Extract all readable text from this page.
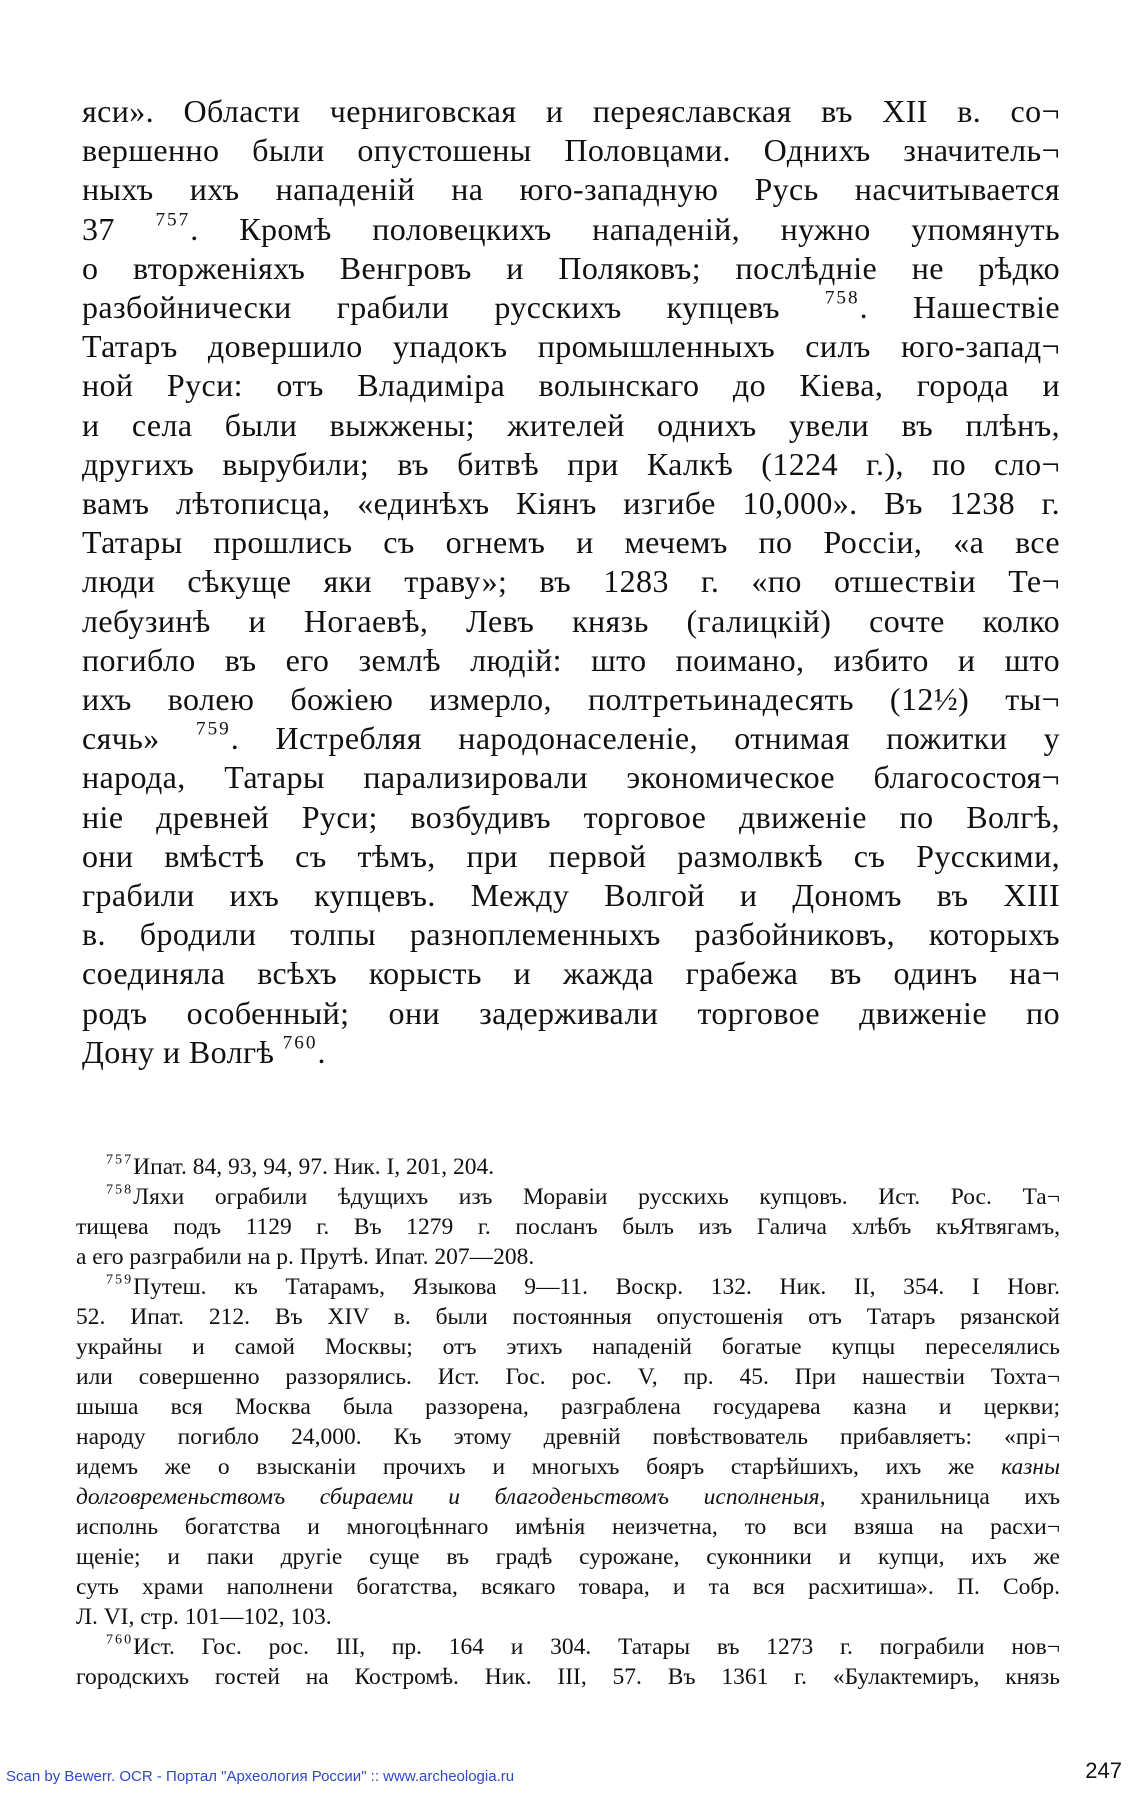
яси». Области черниговская и переяславская въ XII в. со¬
вершенно были опустошены Половцами. Однихъ значитель¬
ныхъ ихъ нападеній на юго-западную Русь насчитывается
37 $^{757}$. Кромѣ половецкихъ нападеній, нужно упомянуть
о вторженіяхъ Венгровъ и Поляковъ; послѣдніе не рѣдко
разбойнически грабили русскихъ купцевъ $^{758}$. Нашествіе
Татаръ довершило упадокъ промышленныхъ силъ юго-запад¬
ной Руси: отъ Владиміра волынскаго до Кіева, города и
и села были выжжены; жителей однихъ увели въ плѣнъ,
другихъ вырубили; въ битвѣ при Калкѣ (1224 г.), по сло¬
вамъ лѣтописца, «единѣхъ Кіянъ изгибе 10,000». Въ 1238 г.
Татары прошлись съ огнемъ и мечемъ по Россіи, «а все
люди сѣкуще яки траву»; въ 1283 г. «по отшествіи Те¬
лебузинѣ и Ногаевѣ, Левъ князь (галицкій) сочте колко
погибло въ его землѣ людій: што поимано, избито и што
ихъ волею божіею измерло, полтретьинадесять (12½) ты¬
сячь» $^{759}$. Истребляя народонаселеніе, отнимая пожитки у
народа, Татары парализировали экономическое благосостоя¬
ніе древней Руси; возбудивъ торговое движеніе по Волгѣ,
они вмѣстѣ съ тѣмъ, при первой размолвкѣ съ Русскими,
грабили ихъ купцевъ. Между Волгой и Дономъ въ XIII
в. бродили толпы разноплеменныхъ разбойниковъ, которыхъ
соединяла всѣхъ корысть и жажда грабежа въ одинъ на¬
родъ особенный; они задерживали торговое движеніе по
Дону и Волгѣ $^{760}$.
$^{757}$Ипат. 84, 93, 94, 97. Ник. I, 201, 204.
$^{758}$Ляхи ограбили ѣдущихъ изъ Моравіи русскихь купцовъ. Ист. Рос. Та¬
тищева подъ 1129 г. Въ 1279 г. посланъ былъ изъ Галича хлѣбъ къЯтвягамъ,
а его разграбили на р. Прутѣ. Ипат. 207—208.
$^{759}$Путеш. къ Татарамъ, Языкова 9—11. Воскр. 132. Ник. II, 354. I Новг.
52. Ипат. 212. Въ XIV в. были постоянныя опустошенія отъ Татаръ рязанской
украйны и самой Москвы; отъ этихъ нападеній богатые купцы переселялись
или совершенно раззорялись. Ист. Гос. рос. V, пр. 45. При нашествіи Тохта¬
шыша вся Москва была раззорена, разграблена государева казна и церкви;
народу погибло 24,000. Къ этому древній повѣствователь прибавляетъ: «прі¬
идемъ же о взысканіи прочихъ и многыхъ бояръ старѣйшихъ, ихъ же казны
долговременьствомъ сбираеми и благоденьствомъ исполненыя, хранильница ихъ
исполнь богатства и многоцѣннаго имѣнія неизчетна, то вси взяша на расхи¬
щеніе; и паки другіе суще въ градѣ сурожане, суконники и купци, ихъ же
суть храми наполнени богатства, всякаго товара, и та вся расхитиша». П. Собр.
Л. VI, стр. 101—102, 103.
$^{760}$Ист. Гос. рос. III, пр. 164 и 304. Татары въ 1273 г. пограбили нов¬
городскихъ гостей на Костромѣ. Ник. III, 57. Въ 1361 г. «Булактемиръ, князь
Scan by Bewerr. OCR - Портал "Археология России" :: www.archeologia.ru	247
